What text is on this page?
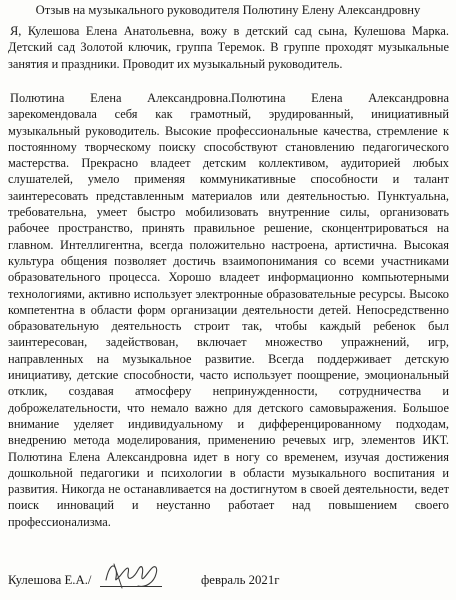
Отзыв на музыкального руководителя Полютину Елену Александровну
Я, Кулешова Елена Анатольевна, вожу в детский сад сына, Кулешова Марка. Детский сад Золотой ключик, группа Теремок. В группе проходят музыкальные занятия и праздники. Проводит их музыкальный руководитель.
Полютина Елена Александровна.Полютина Елена Александровна зарекомендовала себя как грамотный, эрудированный, инициативный музыкальный руководитель. Высокие профессиональные качества, стремление к постоянному творческому поиску способствуют становлению педагогического мастерства. Прекрасно владеет детским коллективом, аудиторией любых слушателей, умело применяя коммуникативные способности и талант заинтересовать представленным материалов или деятельностью. Пунктуальна, требовательна, умеет быстро мобилизовать внутренние силы, организовать рабочее пространство, принять правильное решение, сконцентрироваться на главном. Интеллигентна, всегда положительно настроена, артистична. Высокая культура общения позволяет достичь взаимопонимания со всеми участниками образовательного процесса. Хорошо владеет информационно компьютерными технологиями, активно использует электронные образовательные ресурсы. Высоко компетентна в области форм организации деятельности детей. Непосредственно образовательную деятельность строит так, чтобы каждый ребенок был заинтересован, задействован, включает множество упражнений, игр, направленных на музыкальное развитие. Всегда поддерживает детскую инициативу, детские способности, часто использует поощрение, эмоциональный отклик, создавая атмосферу непринужденности, сотрудничества и доброжелательности, что немало важно для детского самовыражения. Большое внимание уделяет индивидуальному и дифференцированному подходам, внедрению метода моделирования, применению речевых игр, элементов ИКТ. Полютина Елена Александровна идет в ногу со временем, изучая достижения дошкольной педагогики и психологии в области музыкального воспитания и развития. Никогда не останавливается на достигнутом в своей деятельности, ведет поиск инноваций и неустанно работает над повышением своего профессионализма.
Кулешова Е.А./	февраль 2021г
